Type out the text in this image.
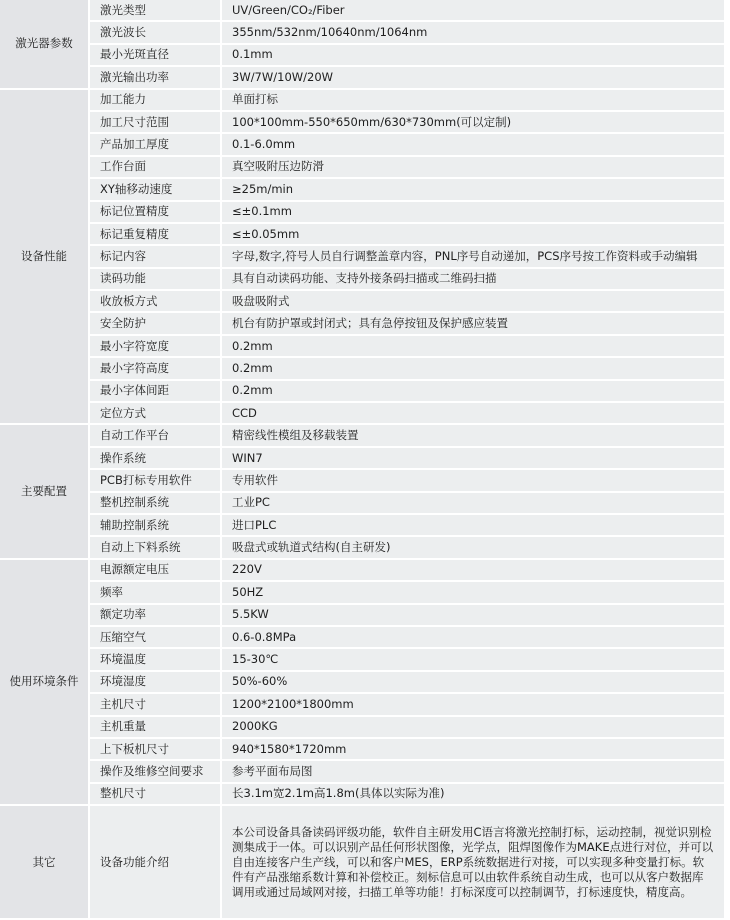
激光器参数	激光类型	UV/Green/CO₂/Fiber
	激光波长	355nm/532nm/10640nm/1064nm
	最小光斑直径	0.1mm
	激光输出功率	3W/7W/10W/20W
设备性能	加工能力	单面打标
	加工尺寸范围	100*100mm-550*650mm/630*730mm(可以定制)
	产品加工厚度	0.1-6.0mm
	工作台面	真空吸附压边防滑
	XY轴移动速度	≥25m/min
	标记位置精度	≤±0.1mm
	标记重复精度	≤±0.05mm
	标记内容	字母,数字,符号人员自行调整盖章内容，PNL序号自动递加，PCS序号按工作资料或手动编辑
	读码功能	具有自动读码功能、支持外接条码扫描或二维码扫描
	收放板方式	吸盘吸附式
	安全防护	机台有防护罩或封闭式；具有急停按钮及保护感应装置
	最小字符宽度	0.2mm
	最小字符高度	0.2mm
	最小字体间距	0.2mm
	定位方式	CCD
主要配置	自动工作平台	精密线性模组及移载装置
	操作系统	WIN7
	PCB打标专用软件	专用软件
	整机控制系统	工业PC
	辅助控制系统	进口PLC
	自动上下料系统	吸盘式或轨道式结构(自主研发)
使用环境条件	电源额定电压	220V
	频率	50HZ
	额定功率	5.5KW
	压缩空气	0.6-0.8MPa
	环境温度	15-30℃
	环境湿度	50%-60%
	主机尺寸	1200*2100*1800mm
	主机重量	2000KG
	上下板机尺寸	940*1580*1720mm
	操作及维修空间要求	参考平面布局图
	整机尺寸	长3.1m宽2.1m高1.8m(具体以实际为准)
其它	设备功能介绍	本公司设备具备读码评级功能，软件自主研发用C语言将激光控制打标，运动控制，视觉识别检测集成于一体。可以识别产品任何形状图像，光学点，阻焊图像作为MAKE点进行对位，并可以自由连接客户生产线，可以和客户MES，ERP系统数据进行对接，可以实现多种变量打标。软件有产品涨缩系数计算和补偿校正。刻标信息可以由软件系统自动生成，也可以从客户数据库调用或通过局域网对接，扫描工单等功能！打标深度可以控制调节，打标速度快，精度高。
